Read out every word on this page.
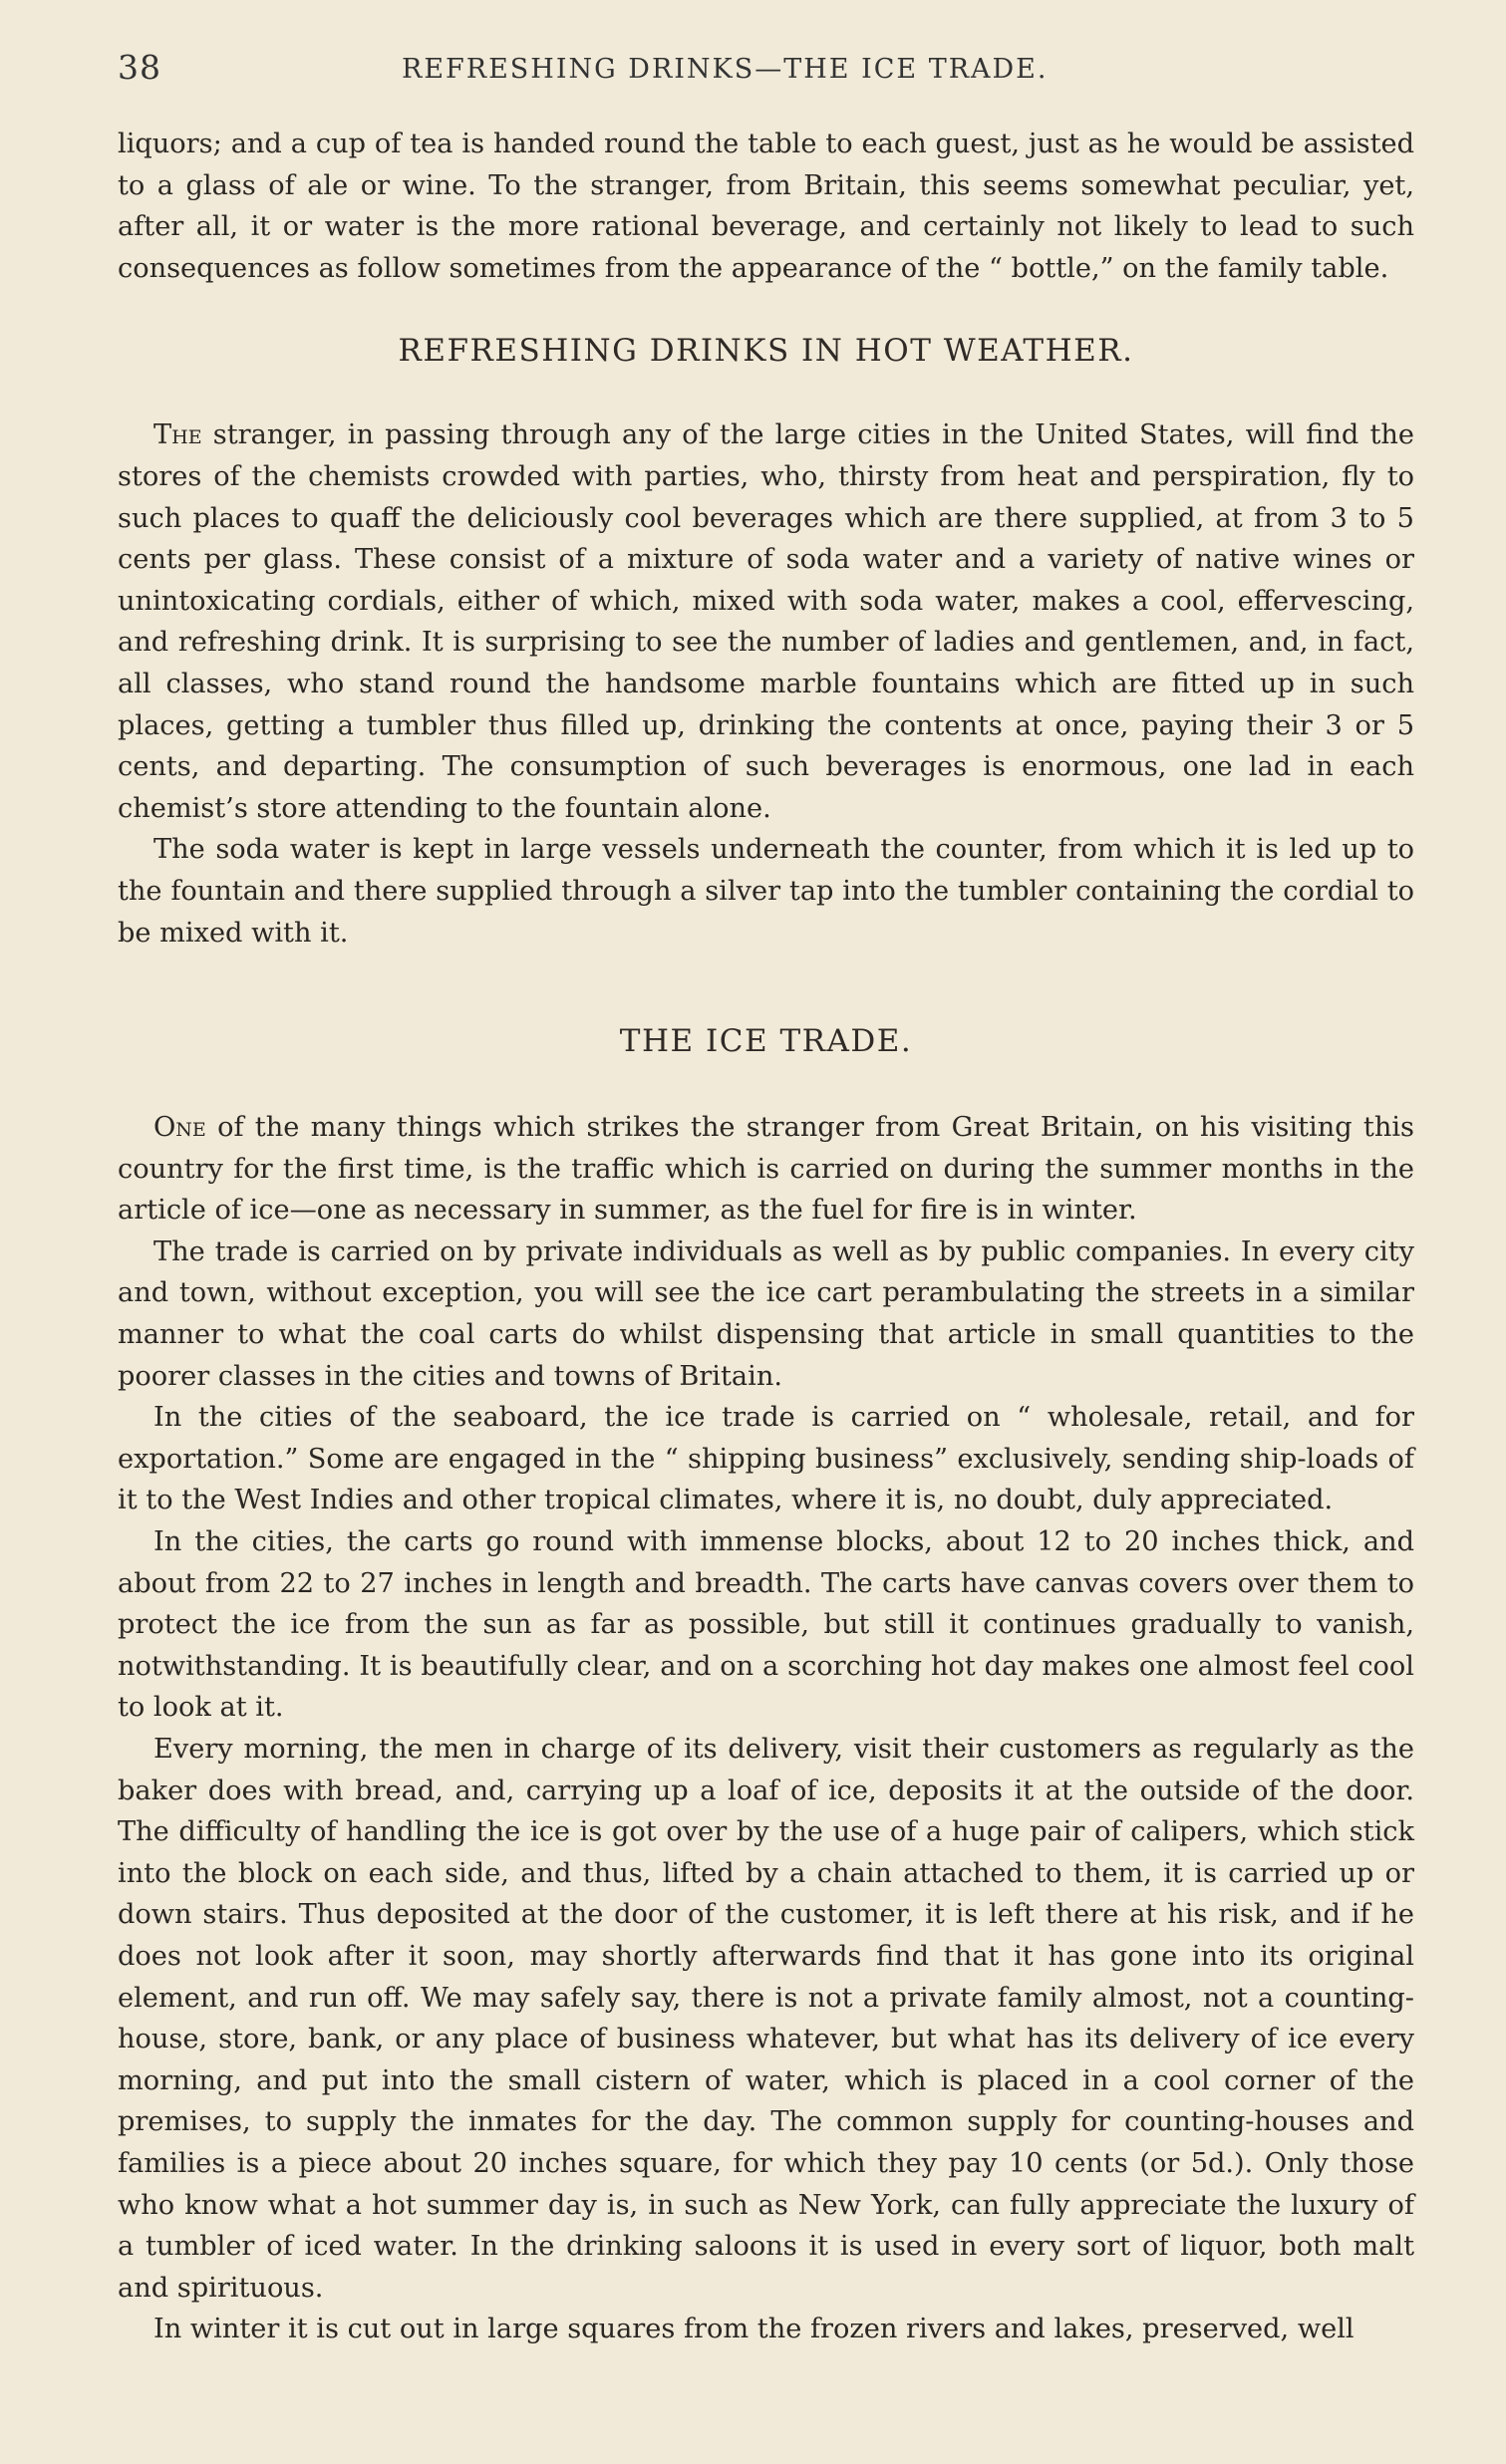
38	REFRESHING DRINKS—THE ICE TRADE.

liquors; and a cup of tea is handed round the table to each guest, just as he would be assisted to a glass of ale or wine. To the stranger, from Britain, this seems somewhat peculiar, yet, after all, it or water is the more rational beverage, and certainly not likely to lead to such consequences as follow sometimes from the appearance of the “ bottle,” on the family table.

REFRESHING DRINKS IN HOT WEATHER.

The stranger, in passing through any of the large cities in the United States, will find the stores of the chemists crowded with parties, who, thirsty from heat and perspiration, fly to such places to quaff the deliciously cool beverages which are there supplied, at from 3 to 5 cents per glass. These consist of a mixture of soda water and a variety of native wines or unintoxicating cordials, either of which, mixed with soda water, makes a cool, effervescing, and refreshing drink. It is surprising to see the number of ladies and gentlemen, and, in fact, all classes, who stand round the handsome marble fountains which are fitted up in such places, getting a tumbler thus filled up, drinking the contents at once, paying their 3 or 5 cents, and departing. The consumption of such beverages is enormous, one lad in each chemist’s store attending to the fountain alone.

The soda water is kept in large vessels underneath the counter, from which it is led up to the fountain and there supplied through a silver tap into the tumbler containing the cordial to be mixed with it.

THE ICE TRADE.

One of the many things which strikes the stranger from Great Britain, on his visiting this country for the first time, is the traffic which is carried on during the summer months in the article of ice—one as necessary in summer, as the fuel for fire is in winter.

The trade is carried on by private individuals as well as by public companies. In every city and town, without exception, you will see the ice cart perambulating the streets in a similar manner to what the coal carts do whilst dispensing that article in small quantities to the poorer classes in the cities and towns of Britain.

In the cities of the seaboard, the ice trade is carried on “ wholesale, retail, and for exportation.” Some are engaged in the “ shipping business” exclusively, sending ship-loads of it to the West Indies and other tropical climates, where it is, no doubt, duly appreciated.

In the cities, the carts go round with immense blocks, about 12 to 20 inches thick, and about from 22 to 27 inches in length and breadth. The carts have canvas covers over them to protect the ice from the sun as far as possible, but still it continues gradually to vanish, notwithstanding. It is beautifully clear, and on a scorching hot day makes one almost feel cool to look at it.

Every morning, the men in charge of its delivery, visit their customers as regularly as the baker does with bread, and, carrying up a loaf of ice, deposits it at the outside of the door. The difficulty of handling the ice is got over by the use of a huge pair of calipers, which stick into the block on each side, and thus, lifted by a chain attached to them, it is carried up or down stairs. Thus deposited at the door of the customer, it is left there at his risk, and if he does not look after it soon, may shortly afterwards find that it has gone into its original element, and run off. We may safely say, there is not a private family almost, not a counting-house, store, bank, or any place of business whatever, but what has its delivery of ice every morning, and put into the small cistern of water, which is placed in a cool corner of the premises, to supply the inmates for the day. The common supply for counting-houses and families is a piece about 20 inches square, for which they pay 10 cents (or 5d.). Only those who know what a hot summer day is, in such as New York, can fully appreciate the luxury of a tumbler of iced water. In the drinking saloons it is used in every sort of liquor, both malt and spirituous.

In winter it is cut out in large squares from the frozen rivers and lakes, preserved, well
